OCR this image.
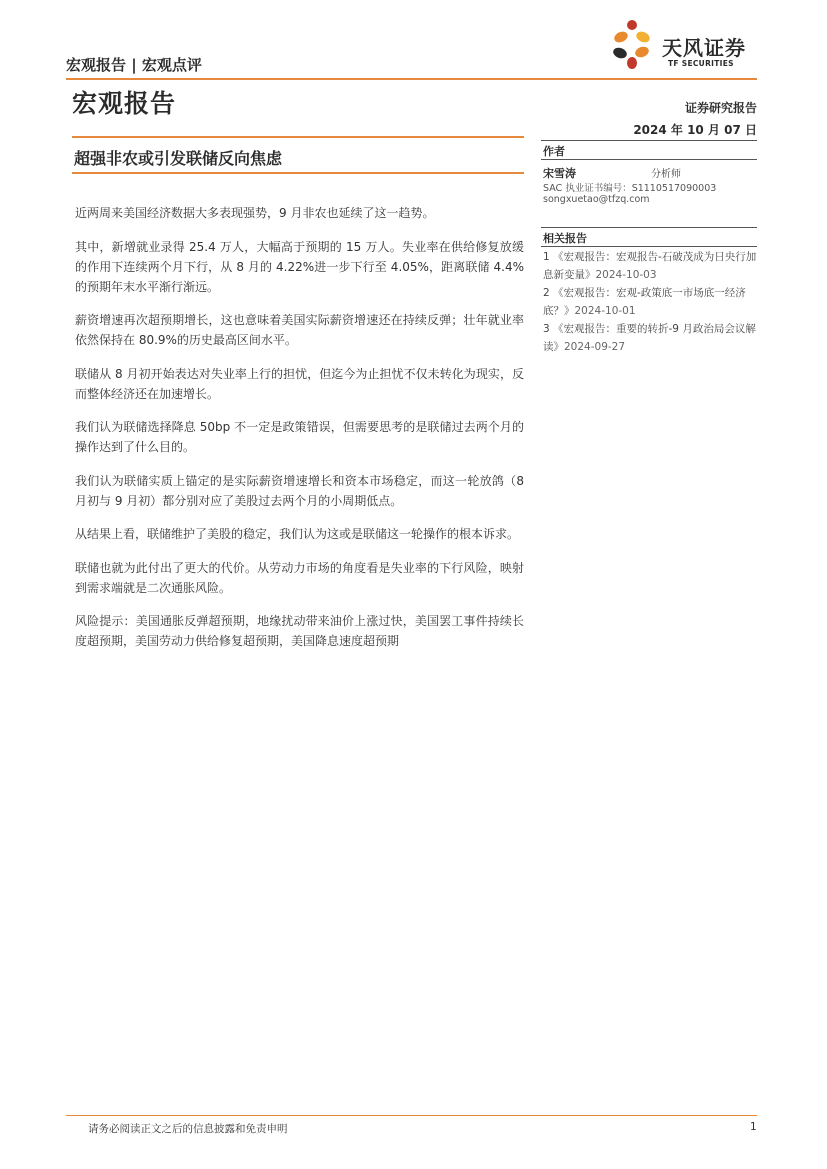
宏观报告 | 宏观点评
宏观报告
天风证券
TF SECURITIES
证券研究报告
2024 年 10 月 07 日
超强非农或引发联储反向焦虑

近两周来美国经济数据大多表现强势，9 月非农也延续了这一趋势。

其中，新增就业录得 25.4 万人，大幅高于预期的 15 万人。失业率在供给修复放缓的作用下连续两个月下行，从 8 月的 4.22%进一步下行至 4.05%，距离联储 4.4%的预期年末水平渐行渐远。

薪资增速再次超预期增长，这也意味着美国实际薪资增速还在持续反弹；壮年就业率依然保持在 80.9%的历史最高区间水平。

联储从 8 月初开始表达对失业率上行的担忧，但迄今为止担忧不仅未转化为现实，反而整体经济还在加速增长。

我们认为联储选择降息 50bp 不一定是政策错误，但需要思考的是联储过去两个月的操作达到了什么目的。

我们认为联储实质上锚定的是实际薪资增速增长和资本市场稳定，而这一轮放鸽（8 月初与 9 月初）都分别对应了美股过去两个月的小周期低点。

从结果上看，联储维护了美股的稳定，我们认为这或是联储这一轮操作的根本诉求。

联储也就为此付出了更大的代价。从劳动力市场的角度看是失业率的下行风险，映射到需求端就是二次通胀风险。

风险提示：美国通胀反弹超预期，地缘扰动带来油价上涨过快，美国罢工事件持续长度超预期，美国劳动力供给修复超预期，美国降息速度超预期

作者
宋雪涛	分析师
SAC 执业证书编号：S1110517090003
songxuetao@tfzq.com
相关报告

1 《宏观报告：宏观报告-石破茂成为日央行加息新变量》2024-10-03

2 《宏观报告：宏观-政策底一市场底一经济底？》2024-10-01

3 《宏观报告：重要的转折-9 月政治局会议解读》2024-09-27

请务必阅读正文之后的信息披露和免责申明	1
